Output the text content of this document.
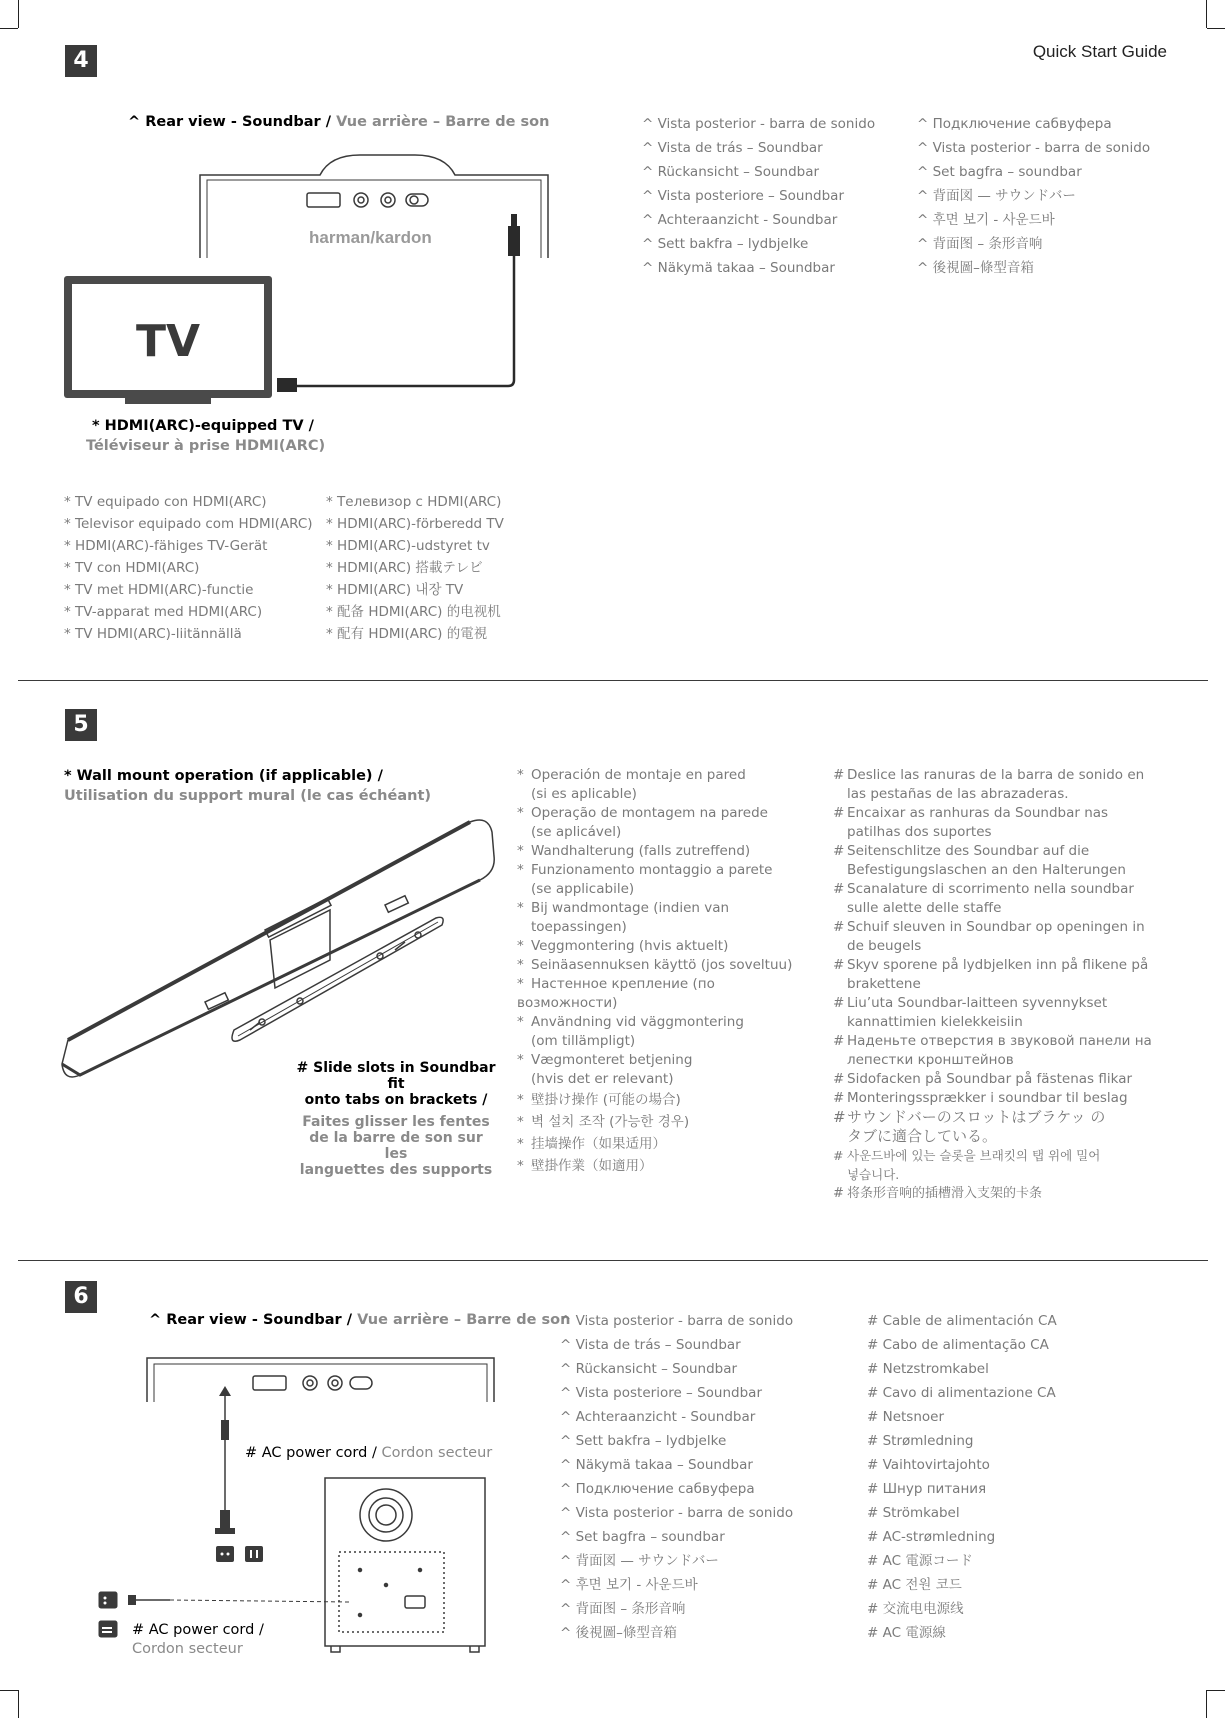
Quick Start Guide
4
^ Rear view - Soundbar / Vue arrière – Barre de son
harman/kardon
TV
* HDMI(ARC)-equipped TV /
Téléviseur à prise HDMI(ARC)
^ Vista posterior - barra de sonido
^ Vista de trás – Soundbar
^ Rückansicht – Soundbar
^ Vista posteriore – Soundbar
^ Achteraanzicht - Soundbar
^ Sett bakfra – lydbjelke
^ Näkymä takaa – Soundbar
^ Подключение сабвуфера
^ Vista posterior - barra de sonido
^ Set bagfra – soundbar
^ 背面図 — サウンドバー
^ 후면 보기 - 사운드바
^ 背面图 – 条形音响
^ 後視圖–條型音箱
* TV equipado con HDMI(ARC)
* Televisor equipado com HDMI(ARC)
* HDMI(ARC)-fähiges TV-Gerät
* TV con HDMI(ARC)
* TV met HDMI(ARC)-functie
* TV-apparat med HDMI(ARC)
* TV HDMI(ARC)-liitännällä
* Телевизор с HDMI(ARC)
* HDMI(ARC)-förberedd TV
* HDMI(ARC)-udstyret tv
* HDMI(ARC) 搭載テレビ
* HDMI(ARC) 내장 TV
* 配备 HDMI(ARC) 的电视机
* 配有 HDMI(ARC) 的電視
5
* Wall mount operation (if applicable) /
Utilisation du support mural (le cas échéant)
# Slide slots in Soundbar fit
onto tabs on brackets /
Faites glisser les fentes
de la barre de son sur les
languettes des supports
* Operación de montaje en pared
(si es aplicable)
* Operação de montagem na parede
(se aplicável)
* Wandhalterung (falls zutreffend)
* Funzionamento montaggio a parete
(se applicabile)
* Bij wandmontage (indien van
toepassingen)
* Veggmontering (hvis aktuelt)
* Seinäasennuksen käyttö (jos soveltuu)
* Настенное крепление (по возможности)
* Användning vid väggmontering
(om tillämpligt)
* Vægmonteret betjening
(hvis det er relevant)
* 壁掛け操作 (可能の場合)
* 벽 설치 조작 (가능한 경우)
* 挂墙操作（如果适用）
* 壁掛作業（如適用）
# Deslice las ranuras de la barra de sonido en
las pestañas de las abrazaderas.
# Encaixar as ranhuras da Soundbar nas
patilhas dos suportes
# Seitenschlitze des Soundbar auf die
Befestigungslaschen an den Halterungen
# Scanalature di scorrimento nella soundbar
sulle alette delle staffe
# Schuif sleuven in Soundbar op openingen in
de beugels
# Skyv sporene på lydbjelken inn på flikene på
brakettene
# Liu’uta Soundbar-laitteen syvennykset
kannattimien kielekkeisiin
# Наденьте отверстия в звуковой панели на
лепестки кронштейнов
# Sidofacken på Soundbar på fästenas flikar
# Monteringssprækker i soundbar til beslag
#サウンドバーのスロットはブラケッ の
タブに適合している。
# 사운드바에 있는 슬롯을 브래킷의 탭 위에 밀어
넣습니다.
# 将条形音响的插槽滑入支架的卡条
6
^ Rear view - Soundbar / Vue arrière – Barre de son
# AC power cord / Cordon secteur
# AC power cord /
Cordon secteur
^ Vista posterior - barra de sonido
^ Vista de trás – Soundbar
^ Rückansicht – Soundbar
^ Vista posteriore – Soundbar
^ Achteraanzicht - Soundbar
^ Sett bakfra – lydbjelke
^ Näkymä takaa – Soundbar
^ Подключение сабвуфера
^ Vista posterior - barra de sonido
^ Set bagfra – soundbar
^ 背面図 — サウンドバー
^ 후면 보기 - 사운드바
^ 背面图 – 条形音响
^ 後視圖–條型音箱
# Cable de alimentación CA
# Cabo de alimentação CA
# Netzstromkabel
# Cavo di alimentazione CA
# Netsnoer
# Strømledning
# Vaihtovirtajohto
# Шнур питания
# Strömkabel
# AC-strømledning
# AC 電源コード
# AC 전원 코드
# 交流电电源线
# AC 電源線
